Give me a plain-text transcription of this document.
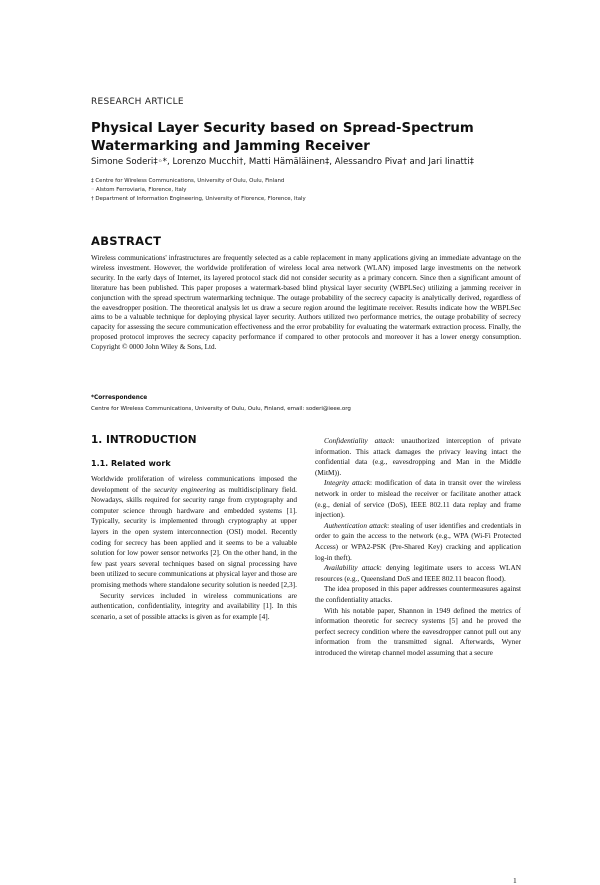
RESEARCH ARTICLE
Physical Layer Security based on Spread-Spectrum Watermarking and Jamming Receiver

Simone Soderi‡◦*, Lorenzo Mucchi†, Matti Hämäläinen‡, Alessandro Piva† and Jari Iinatti‡

‡ Centre for Wireless Communications, University of Oulu, Oulu, Finland
◦ Alstom Ferroviaria, Florence, Italy
† Department of Information Engineering, University of Florence, Florence, Italy
ABSTRACT

Wireless communications' infrastructures are frequently selected as a cable replacement in many applications giving an immediate advantage on the wireless investment. However, the worldwide proliferation of wireless local area network (WLAN) imposed large investments on the network security. In the early days of Internet, its layered protocol stack did not consider security as a primary concern. Since then a significant amount of literature has been published. This paper proposes a watermark-based blind physical layer security (WBPLSec) utilizing a jamming receiver in conjunction with the spread spectrum watermarking technique. The outage probability of the secrecy capacity is analytically derived, regardless of the eavesdropper position. The theoretical analysis let us draw a secure region around the legitimate receiver. Results indicate how the WBPLSec aims to be a valuable technique for deploying physical layer security. Authors utilized two performance metrics, the outage probability of secrecy capacity for assessing the secure communication effectiveness and the error probability for evaluating the watermark extraction process. Finally, the proposed protocol improves the secrecy capacity performance if compared to other protocols and moreover it has a lower energy consumption. Copyright © 0000 John Wiley & Sons, Ltd.

*Correspondence

Centre for Wireless Communications, University of Oulu, Oulu, Finland, email: soderi@ieee.org

1. INTRODUCTION
1.1. Related work

Worldwide proliferation of wireless communications imposed the development of the security engineering as multidisciplinary field. Nowadays, skills required for security range from cryptography and computer science through hardware and embedded systems [1]. Typically, security is implemented through cryptography at upper layers in the open system interconnection (OSI) model. Recently coding for secrecy has been applied and it seems to be a valuable solution for low power sensor networks [2]. On the other hand, in the few past years several techniques based on signal processing have been utilized to secure communications at physical layer and those are promising methods where standalone security solution is needed [2,3].

Security services included in wireless communications are authentication, confidentiality, integrity and availability [1]. In this scenario, a set of possible attacks is given as for example [4].

Confidentiality attack: unauthorized interception of private information. This attack damages the privacy leaving intact the confidential data (e.g., eavesdropping and Man in the Middle (MitM)).

Integrity attack: modification of data in transit over the wireless network in order to mislead the receiver or facilitate another attack (e.g., denial of service (DoS), IEEE 802.11 data replay and frame injection).

Authentication attack: stealing of user identifies and credentials in order to gain the access to the network (e.g., WPA (Wi-Fi Protected Access) or WPA2-PSK (Pre-Shared Key) cracking and application log-in theft).

Availability attack: denying legitimate users to access WLAN resources (e.g., Queensland DoS and IEEE 802.11 beacon flood).

The idea proposed in this paper addresses countermeasures against the confidentiality attacks.

With his notable paper, Shannon in 1949 defined the metrics of information theoretic for secrecy systems [5] and he proved the perfect secrecy condition where the eavesdropper cannot pull out any information from the transmitted signal. Afterwards, Wyner introduced the wiretap channel model assuming that a secure

1
